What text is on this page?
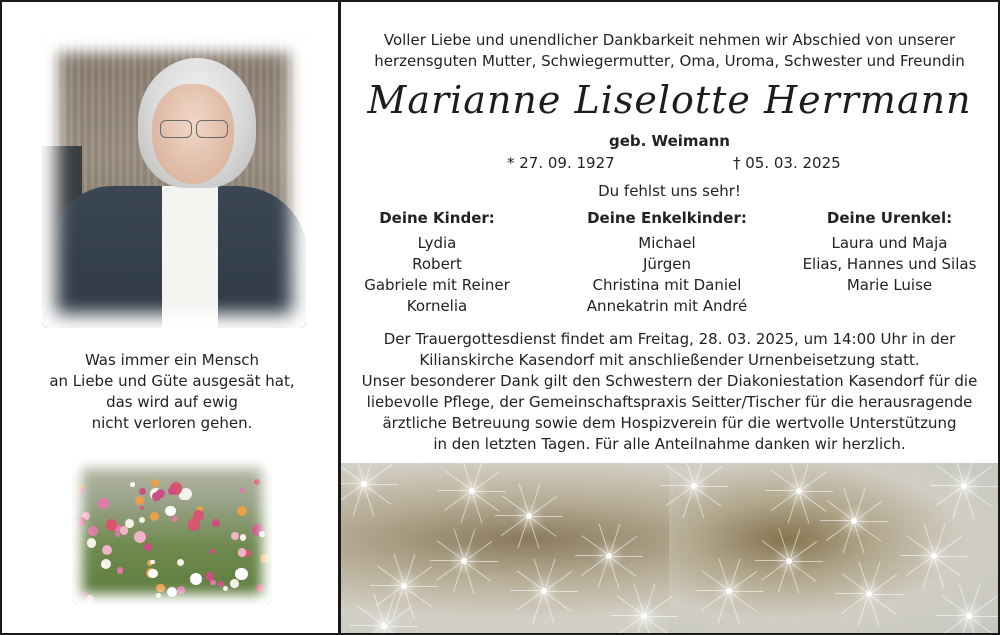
Was immer ein Mensch
an Liebe und Güte ausgesät hat,
das wird auf ewig
nicht verloren gehen.
Voller Liebe und unendlicher Dankbarkeit nehmen wir Abschied von unserer
herzensguten Mutter, Schwiegermutter, Oma, Uroma, Schwester und Freundin
Marianne Liselotte Herrmann
geb. Weimann
* 27. 09. 1927	† 05. 03. 2025
Du fehlst uns sehr!
Deine Kinder:
Lydia
Robert
Gabriele mit Reiner
Kornelia
Deine Enkelkinder:
Michael
Jürgen
Christina mit Daniel
Annekatrin mit André
Deine Urenkel:
Laura und Maja
Elias, Hannes und Silas
Marie Luise
Der Trauergottesdienst findet am Freitag, 28. 03. 2025, um 14:00 Uhr in der
Kilianskirche Kasendorf mit anschließender Urnenbeisetzung statt.
Unser besonderer Dank gilt den Schwestern der Diakoniestation Kasendorf für die
liebevolle Pflege, der Gemeinschaftspraxis Seitter/Tischer für die herausragende
ärztliche Betreuung sowie dem Hospizverein für die wertvolle Unterstützung
in den letzten Tagen. Für alle Anteilnahme danken wir herzlich.
